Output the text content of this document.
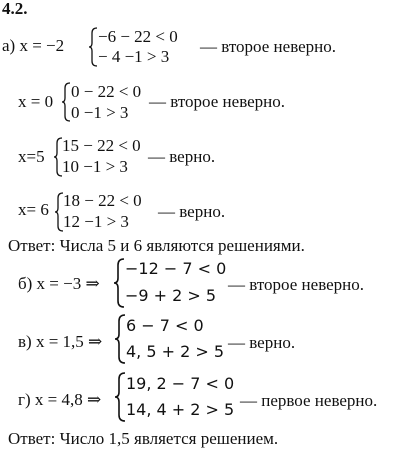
4.2.
а) x = −2 −6 − 22 < 0
− 4 −1 > 3
— второе неверно.
x = 0
0 − 22 < 0
0 −1 > 3
— второе неверно.
x=5
15 − 22 < 0
10 −1 > 3
— верно.
x= 6 18 − 22 < 0
12 −1 > 3
— верно.
Ответ: Числа 5 и 6 являются решениями.
б) x = −3 ⇒
−12 − 7 < 0
−9 + 2 > 5
— второе неверно.
в) x = 1,5 ⇒
6 − 7 < 0
4, 5 + 2 > 5 — верно.
г) x = 4,8 ⇒
19, 2 − 7 < 0
14, 4 + 2 > 5 — первое неверно.
Ответ: Число 1,5 является решением.
